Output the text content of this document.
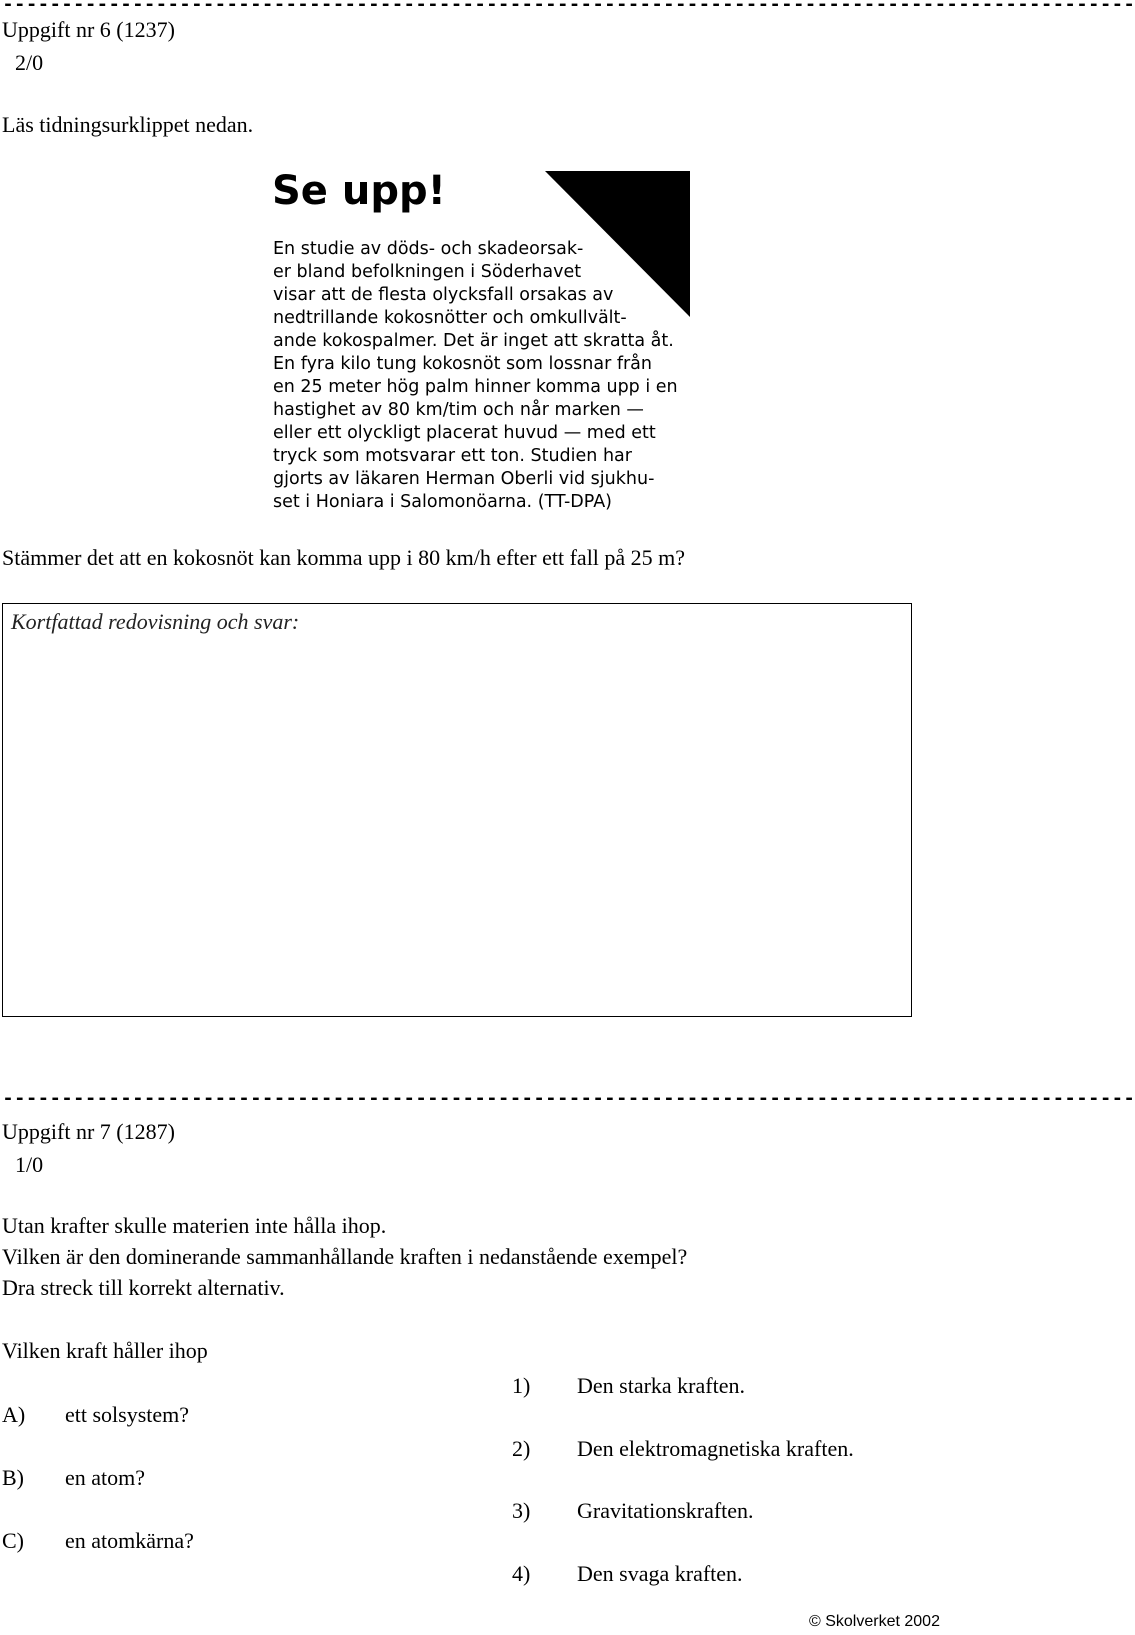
------------------------------------------------------------------------------------------------
Uppgift nr 6 (1237)
2/0
Läs tidningsurklippet nedan.
Se upp!
En studie av döds- och skadeorsak-
er bland befolkningen i Söderhavet
visar att de flesta olycksfall orsakas av
nedtrillande kokosnötter och omkullvält-
ande kokospalmer. Det är inget att skratta åt.
En fyra kilo tung kokosnöt som lossnar från
en 25 meter hög palm hinner komma upp i en
hastighet av 80 km/tim och når marken —
eller ett olyckligt placerat huvud — med ett
tryck som motsvarar ett ton. Studien har
gjorts av läkaren Herman Oberli vid sjukhu-
set i Honiara i Salomonöarna. (TT-DPA)
Stämmer det att en kokosnöt kan komma upp i 80 km/h efter ett fall på 25 m?
Kortfattad redovisning och svar:
------------------------------------------------------------------------------------------------
Uppgift nr 7 (1287)
1/0
Utan krafter skulle materien inte hålla ihop.
Vilken är den dominerande sammanhållande kraften i nedanstående exempel?
Dra streck till korrekt alternativ.
Vilken kraft håller ihop
A) ett solsystem?
B) en atom?
C) en atomkärna?
1) Den starka kraften.
2) Den elektromagnetiska kraften.
3) Gravitationskraften.
4) Den svaga kraften.
© Skolverket 2002
